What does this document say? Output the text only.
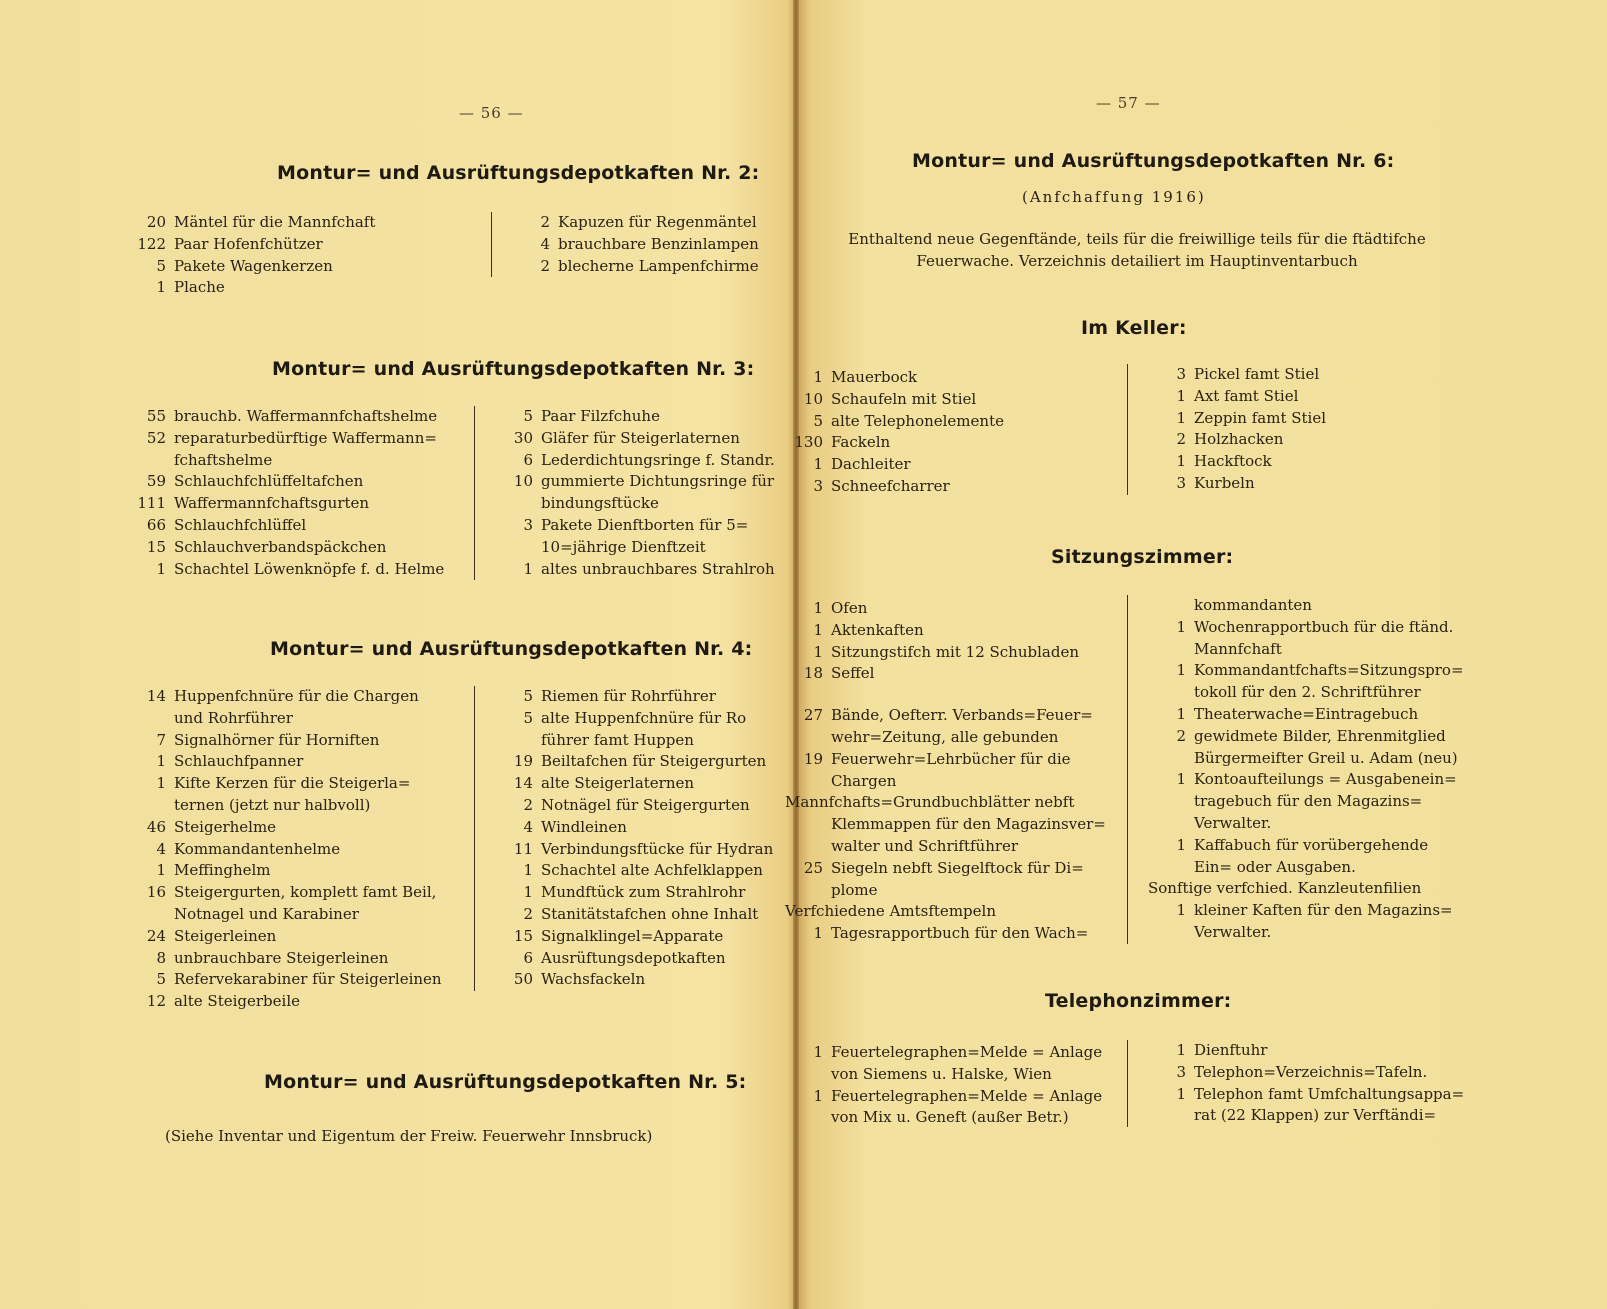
— 56 —
Montur= und Ausrüftungsdepotkaften Nr. 2:
20 Mäntel für die Mannfchaft
122 Paar Hofenfchützer
5 Pakete Wagenkerzen
1 Plache
2 Kapuzen für Regenmäntel
4 brauchbare Benzinlampen
2 blecherne Lampenfchirme
Montur= und Ausrüftungsdepotkaften Nr. 3:
55 brauchb. Waffermannfchaftshelme
52 reparaturbedürftige Waffermann=
fchaftshelme
59 Schlauchfchlüffeltafchen
111 Waffermannfchaftsgurten
66 Schlauchfchlüffel
15 Schlauchverbandspäckchen
1 Schachtel Löwenknöpfe f. d. Helme
5 Paar Filzfchuhe
30 Gläfer für Steigerlaternen
6 Lederdichtungsringe f. Standr.
10 gummierte Dichtungsringe für
bindungsftücke
3 Pakete Dienftborten für 5=
10=jährige Dienftzeit
1 altes unbrauchbares Strahlroh
Montur= und Ausrüftungsdepotkaften Nr. 4:
14 Huppenfchnüre für die Chargen
und Rohrführer
7 Signalhörner für Horniften
1 Schlauchfpanner
1 Kifte Kerzen für die Steigerla=
ternen (jetzt nur halbvoll)
46 Steigerhelme
4 Kommandantenhelme
1 Meffinghelm
16 Steigergurten, komplett famt Beil,
Notnagel und Karabiner
24 Steigerleinen
8 unbrauchbare Steigerleinen
5 Refervekarabiner für Steigerleinen
12 alte Steigerbeile
5 Riemen für Rohrführer
5 alte Huppenfchnüre für Ro
führer famt Huppen
19 Beiltafchen für Steigergurten
14 alte Steigerlaternen
2 Notnägel für Steigergurten
4 Windleinen
11 Verbindungsftücke für Hydran
1 Schachtel alte Achfelklappen
1 Mundftück zum Strahlrohr
2 Stanitätstafchen ohne Inhalt
15 Signalklingel=Apparate
6 Ausrüftungsdepotkaften
50 Wachsfackeln
Montur= und Ausrüftungsdepotkaften Nr. 5:
(Siehe Inventar und Eigentum der Freiw. Feuerwehr Innsbruck)
— 57 —
Montur= und Ausrüftungsdepotkaften Nr. 6:
(Anfchaffung 1916)
Enthaltend neue Gegenftände, teils für die freiwillige teils für die ftädtifche
Feuerwache. Verzeichnis detailiert im Hauptinventarbuch
Im Keller:
1 Mauerbock
10 Schaufeln mit Stiel
5 alte Telephonelemente
130 Fackeln
1 Dachleiter
3 Schneefcharrer
3 Pickel famt Stiel
1 Axt famt Stiel
1 Zeppin famt Stiel
2 Holzhacken
1 Hackftock
3 Kurbeln
Sitzungszimmer:
1 Ofen
1 Aktenkaften
1 Sitzungstifch mit 12 Schubladen
18 Seffel
27 Bände, Oefterr. Verbands=Feuer=
wehr=Zeitung, alle gebunden
19 Feuerwehr=Lehrbücher für die
Chargen
Mannfchafts=Grundbuchblätter nebft
Klemmappen für den Magazinsver=
walter und Schriftführer
25 Siegeln nebft Siegelftock für Di=
plome
Verfchiedene Amtsftempeln
1 Tagesrapportbuch für den Wach=
kommandanten
1 Wochenrapportbuch für die ftänd.
Mannfchaft
1 Kommandantfchafts=Sitzungspro=
tokoll für den 2. Schriftführer
1 Theaterwache=Eintragebuch
2 gewidmete Bilder, Ehrenmitglied
Bürgermeifter Greil u. Adam (neu)
1 Kontoaufteilungs = Ausgabenein=
tragebuch für den Magazins=
Verwalter.
1 Kaffabuch für vorübergehende
Ein= oder Ausgaben.
Sonftige verfchied. Kanzleutenfilien
1 kleiner Kaften für den Magazins=
Verwalter.
Telephonzimmer:
1 Feuertelegraphen=Melde = Anlage
von Siemens u. Halske, Wien
1 Feuertelegraphen=Melde = Anlage
von Mix u. Geneft (außer Betr.)
1 Dienftuhr
3 Telephon=Verzeichnis=Tafeln.
1 Telephon famt Umfchaltungsappa=
rat (22 Klappen) zur Verftändi=
